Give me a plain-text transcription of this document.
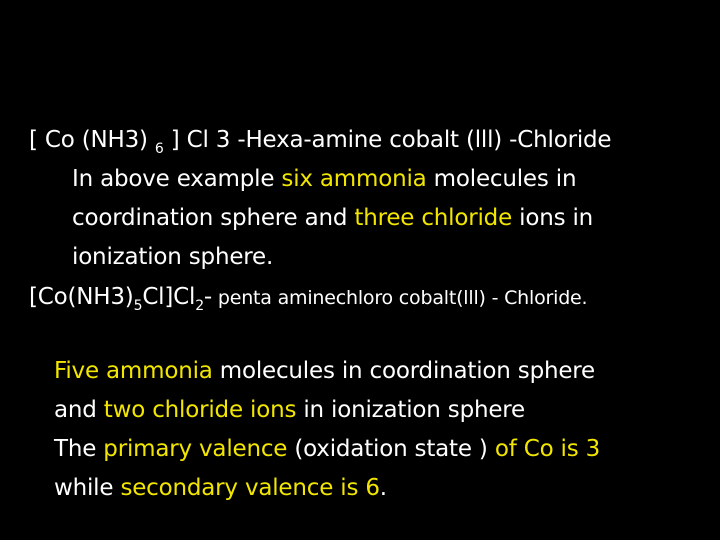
[ Co (NH3) $_6$ ] Cl 3 -Hexa-amine cobalt (lll) -Chloride
In above example six ammonia molecules in
coordination sphere and three chloride ions in
ionization sphere.
$[Co(NH3)_5Cl]Cl_2-$ penta aminechloro cobalt(lll) - Chloride.
Five ammonia molecules in coordination sphere
and two chloride ions in ionization sphere
The primary valence (oxidation state ) of Co is 3
while secondary valence is 6.
